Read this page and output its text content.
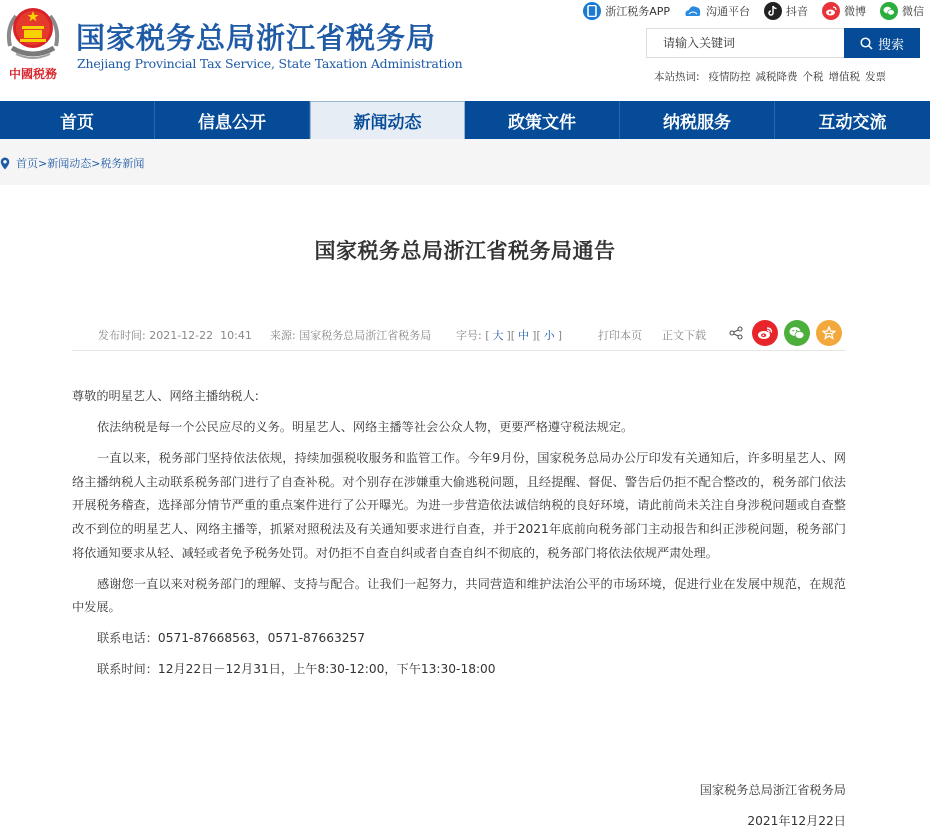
中國税務
国家税务总局浙江省税务局
Zhejiang Provincial Tax Service, State Taxation Administration
浙江税务APP	沟通平台	抖音	微博	微信
请输入关键词
搜索
本站热词: 疫情防控 减税降费 个税 增值税 发票
首页	信息公开	新闻动态	政策文件	纳税服务	互动交流
首页 > 新闻动态 > 税务新闻
国家税务总局浙江省税务局通告
发布时间: 2021-12-22  10:41 来源: 国家税务总局浙江省税务局 字号: [ 大 ][ 中 ][ 小 ]	打印本页 正文下载

尊敬的明星艺人、网络主播纳税人:

依法纳税是每一个公民应尽的义务。明星艺人、网络主播等社会公众人物，更要严格遵守税法规定。

一直以来，税务部门坚持依法依规，持续加强税收服务和监管工作。今年9月份，国家税务总局办公厅印发有关通知后，许多明星艺人、网络主播纳税人主动联系税务部门进行了自查补税。对个别存在涉嫌重大偷逃税问题，且经提醒、督促、警告后仍拒不配合整改的，税务部门依法开展税务稽查，选择部分情节严重的重点案件进行了公开曝光。为进一步营造依法诚信纳税的良好环境，请此前尚未关注自身涉税问题或自查整改不到位的明星艺人、网络主播等，抓紧对照税法及有关通知要求进行自查，并于2021年底前向税务部门主动报告和纠正涉税问题，税务部门将依通知要求从轻、减轻或者免予税务处罚。对仍拒不自查自纠或者自查自纠不彻底的，税务部门将依法依规严肃处理。

感谢您一直以来对税务部门的理解、支持与配合。让我们一起努力，共同营造和维护法治公平的市场环境，促进行业在发展中规范，在规范中发展。

联系电话：0571-87668563，0571-87663257

联系时间：12月22日－12月31日，上午8:30-12:00，下午13:30-18:00

国家税务总局浙江省税务局
2021年12月22日
